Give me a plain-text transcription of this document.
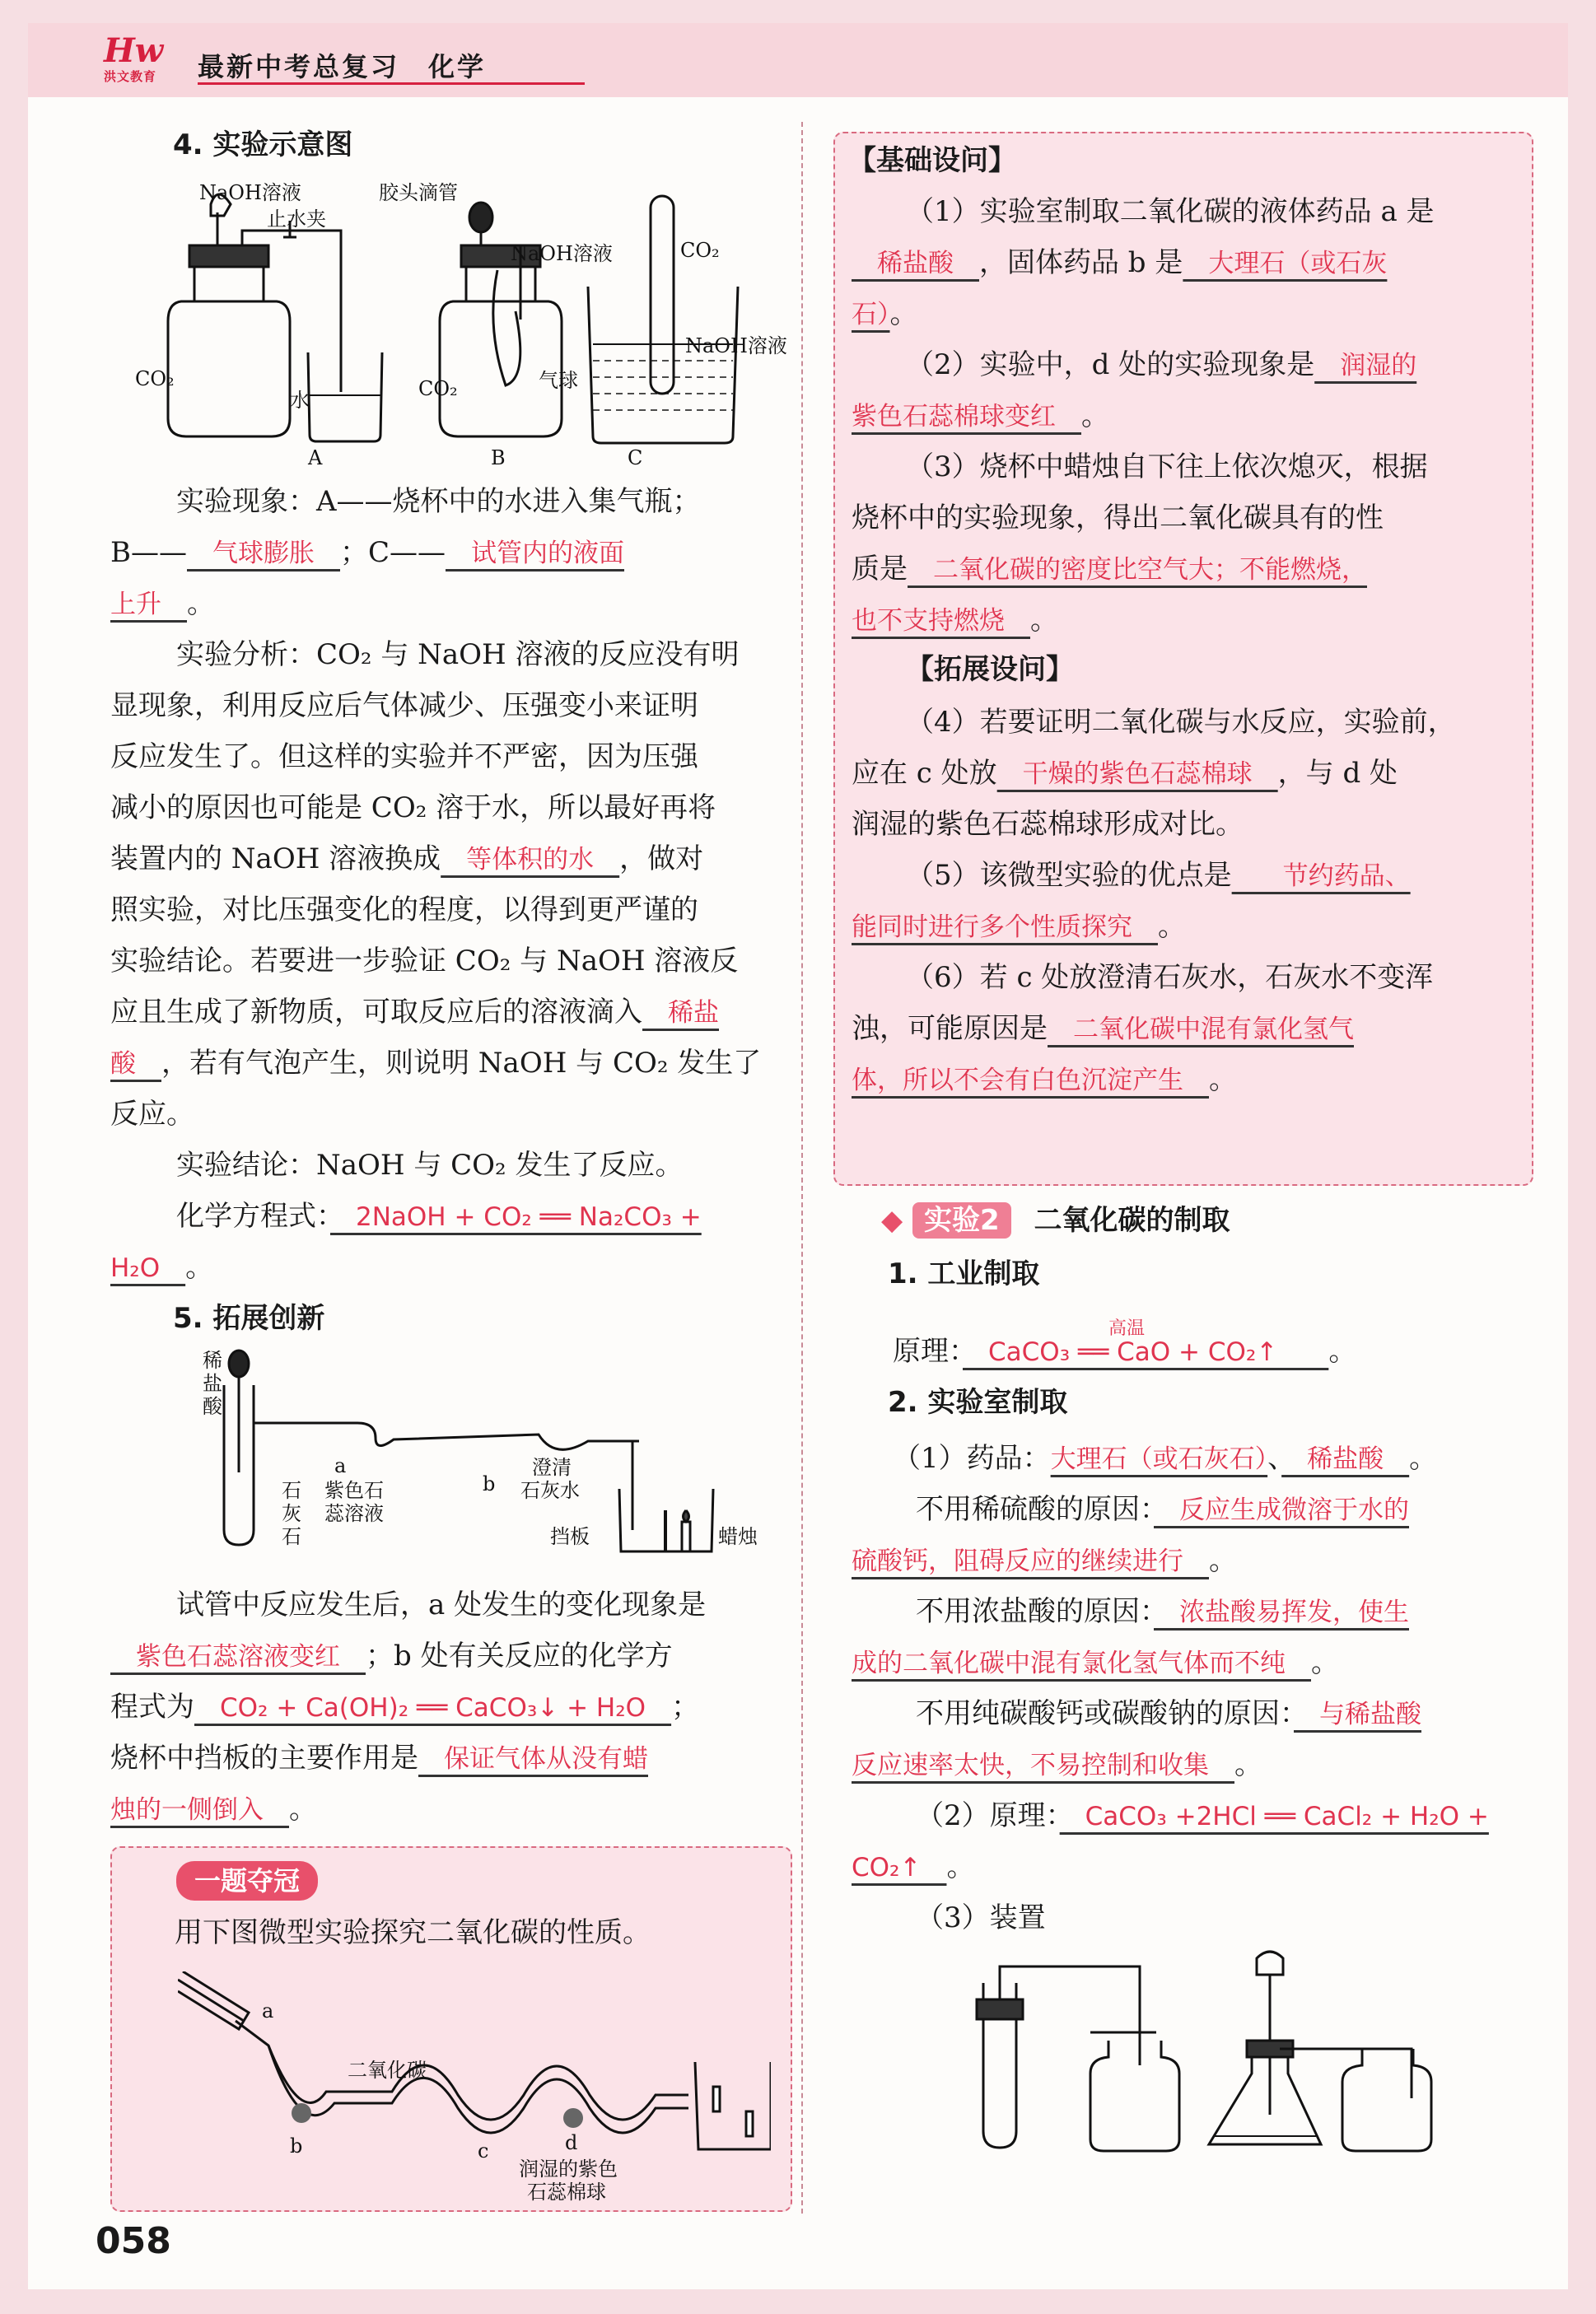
Hw
洪文教育	最新中考总复习　化学
4. 实验示意图
NaOH溶液
止水夹
CO₂
水
A
胶头滴管
NaOH溶液
CO₂	气球
B
CO₂
NaOH溶液
C
实验现象：A——烧杯中的水进入集气瓶；
B——　气球膨胀　；C——　试管内的液面
上升　。
实验分析：CO₂ 与 NaOH 溶液的反应没有明
显现象，利用反应后气体减少、压强变小来证明
反应发生了。但这样的实验并不严密，因为压强
减小的原因也可能是 CO₂ 溶于水，所以最好再将
装置内的 NaOH 溶液换成　等体积的水　，做对
照实验，对比压强变化的程度，以得到更严谨的
实验结论。若要进一步验证 CO₂ 与 NaOH 溶液反
应且生成了新物质，可取反应后的溶液滴入　稀盐
酸　，若有气泡产生，则说明 NaOH 与 CO₂ 发生了
反应。
实验结论：NaOH 与 CO₂ 发生了反应。
化学方程式：　2NaOH + CO₂ ══ Na₂CO₃ +
H₂O　。
5. 拓展创新
稀
盐
酸
石
灰
石
a
紫色石
蕊溶液
b
澄清
石灰水
挡板	蜡烛
试管中反应发生后，a 处发生的变化现象是
　紫色石蕊溶液变红　；b 处有关反应的化学方
程式为　CO₂ + Ca(OH)₂ ══ CaCO₃↓ + H₂O　；
烧杯中挡板的主要作用是　保证气体从没有蜡
烛的一侧倒入　。
一题夺冠
用下图微型实验探究二氧化碳的性质。
a
二氧化碳
b	c	d
润湿的紫色
石蕊棉球
【基础设问】
（1）实验室制取二氧化碳的液体药品 a 是
　稀盐酸　，固体药品 b 是　大理石（或石灰
石）。
（2）实验中，d 处的实验现象是　润湿的
紫色石蕊棉球变红　。
（3）烧杯中蜡烛自下往上依次熄灭，根据
烧杯中的实验现象，得出二氧化碳具有的性
质是　二氧化碳的密度比空气大；不能燃烧，
也不支持燃烧　。
【拓展设问】
（4）若要证明二氧化碳与水反应，实验前，
应在 c 处放　干燥的紫色石蕊棉球　，与 d 处
润湿的紫色石蕊棉球形成对比。
（5）该微型实验的优点是　　节约药品、
能同时进行多个性质探究　。
（6）若 c 处放澄清石灰水，石灰水不变浑
浊，可能原因是　二氧化碳中混有氯化氢气
体，所以不会有白色沉淀产生　。
◆ 实验2 二氧化碳的制取
1. 工业制取
原理：　CaCO₃ ══ CaO + CO₂↑　　。
高温
2. 实验室制取
（1）药品：大理石（或石灰石）、　稀盐酸　。
不用稀硫酸的原因：　反应生成微溶于水的
硫酸钙，阻碍反应的继续进行　。
不用浓盐酸的原因：　浓盐酸易挥发，使生
成的二氧化碳中混有氯化氢气体而不纯　。
不用纯碳酸钙或碳酸钠的原因：　与稀盐酸
反应速率太快，不易控制和收集　。
（2）原理：　CaCO₃ +2HCl ══ CaCl₂ + H₂O +
CO₂↑　。
（3）装置
058
